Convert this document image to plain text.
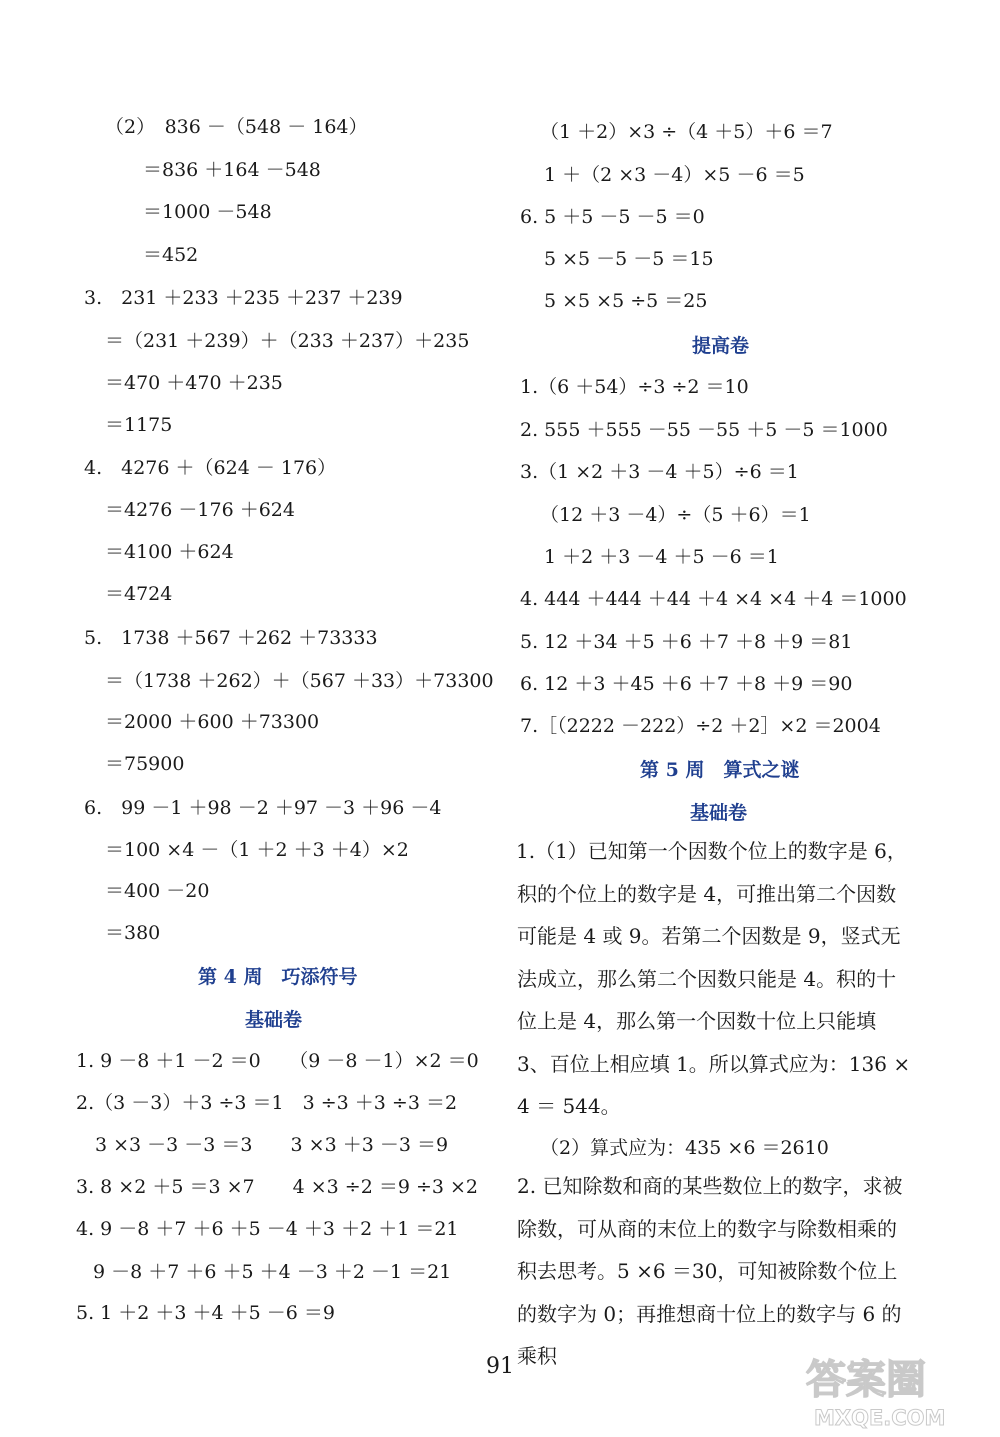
（2）　836 －（548 － 164）
＝836 ＋164 －548
＝1000 －548
＝452
3.　231 ＋233 ＋235 ＋237 ＋239
＝（231 ＋239）＋（233 ＋237）＋235
＝470 ＋470 ＋235
＝1175
4.　4276 ＋（624 － 176）
＝4276 －176 ＋624
＝4100 ＋624
＝4724
5.　1738 ＋567 ＋262 ＋73333
＝（1738 ＋262）＋（567 ＋33）＋73300
＝2000 ＋600 ＋73300
＝75900
6.　99 －1 ＋98 －2 ＋97 －3 ＋96 －4
＝100 ×4 －（1 ＋2 ＋3 ＋4）×2
＝400 －20
＝380
第 4 周　巧添符号
基础卷
1. 9 －8 ＋1 －2 ＝0　　（9 －8 －1）×2 ＝0
2.（3 －3）＋3 ÷3 ＝1　3 ÷3 ＋3 ÷3 ＝2
3 ×3 －3 －3 ＝3　　3 ×3 ＋3 －3 ＝9
3. 8 ×2 ＋5 ＝3 ×7　　4 ×3 ÷2 ＝9 ÷3 ×2
4. 9 －8 ＋7 ＋6 ＋5 －4 ＋3 ＋2 ＋1 ＝21
9 －8 ＋7 ＋6 ＋5 ＋4 －3 ＋2 －1 ＝21
5. 1 ＋2 ＋3 ＋4 ＋5 －6 ＝9
（1 ＋2）×3 ÷（4 ＋5）＋6 ＝7
1 ＋（2 ×3 －4）×5 －6 ＝5
6. 5 ＋5 －5 －5 ＝0
5 ×5 －5 －5 ＝15
5 ×5 ×5 ÷5 ＝25
提高卷
1.（6 ＋54）÷3 ÷2 ＝10
2. 555 ＋555 －55 －55 ＋5 －5 ＝1000
3.（1 ×2 ＋3 －4 ＋5）÷6 ＝1
（12 ＋3 －4）÷（5 ＋6）＝1
1 ＋2 ＋3 －4 ＋5 －6 ＝1
4. 444 ＋444 ＋44 ＋4 ×4 ×4 ＋4 ＝1000
5. 12 ＋34 ＋5 ＋6 ＋7 ＋8 ＋9 ＝81
6. 12 ＋3 ＋45 ＋6 ＋7 ＋8 ＋9 ＝90
7.［（2222 －222）÷2 ＋2］×2 ＝2004
第 5 周　算式之谜
基础卷
1.（1）已知第一个因数个位上的数字是 6，积的个位上的数字是 4，可推出第二个因数可能是 4 或 9。若第二个因数是 9，竖式无法成立，那么第二个因数只能是 4。积的十位上是 4，那么第一个因数十位上只能填 3、百位上相应填 1。所以算式应为：136 × 4 ＝ 544。
（2）算式应为：435 ×6 ＝2610
2. 已知除数和商的某些数位上的数字，求被除数，可从商的末位上的数字与除数相乘的积去思考。5 ×6 ＝30，可知被除数个位上的数字为 0；再推想商十位上的数字与 6 的乘积
91	答案圈
MXQE.COM
